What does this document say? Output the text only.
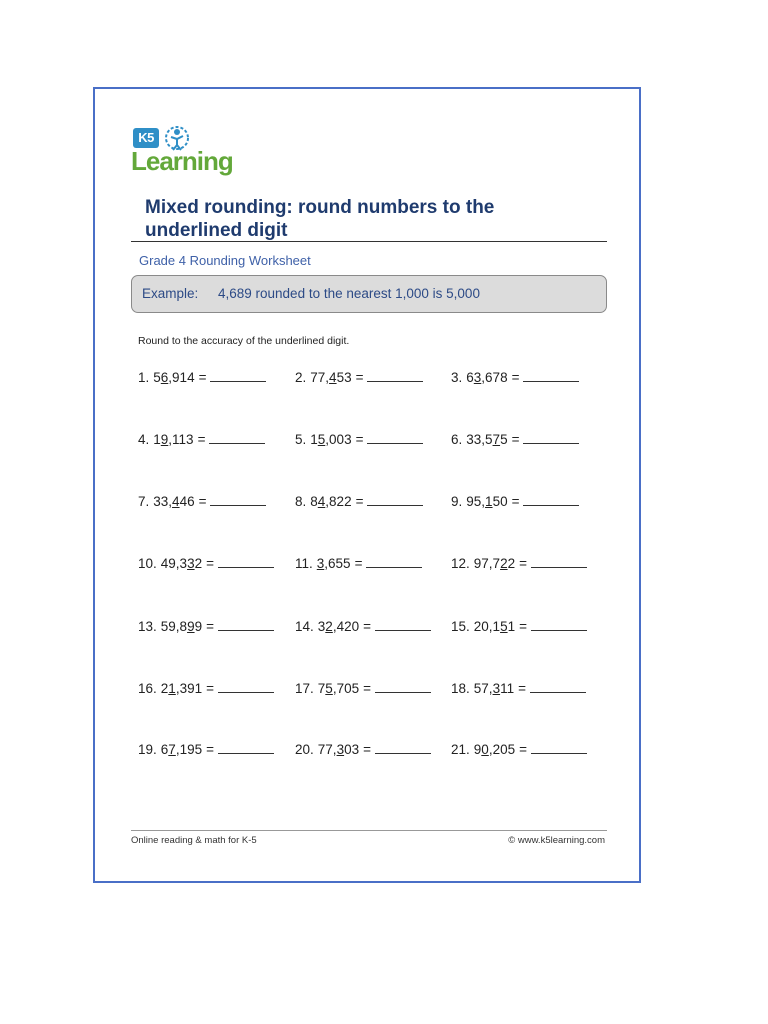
K5
Learning
Mixed rounding: round numbers to the underlined digit
Grade 4 Rounding Worksheet
Example: 4,689 rounded to the nearest 1,000 is 5,000
Round to the accuracy of the underlined digit.
1. 56,914 =	2. 77,453 =	3. 63,678 =
4. 19,113 =	5. 15,003 =	6. 33,575 =
7. 33,446 =	8. 84,822 =	9. 95,150 =
10. 49,332 =	11. 3,655 =	12. 97,722 =
13. 59,899 =	14. 32,420 =	15. 20,151 =
16. 21,391 =	17. 75,705 =	18. 57,311 =
19. 67,195 =	20. 77,303 =	21. 90,205 =
Online reading & math for K-5	© www.k5learning.com
